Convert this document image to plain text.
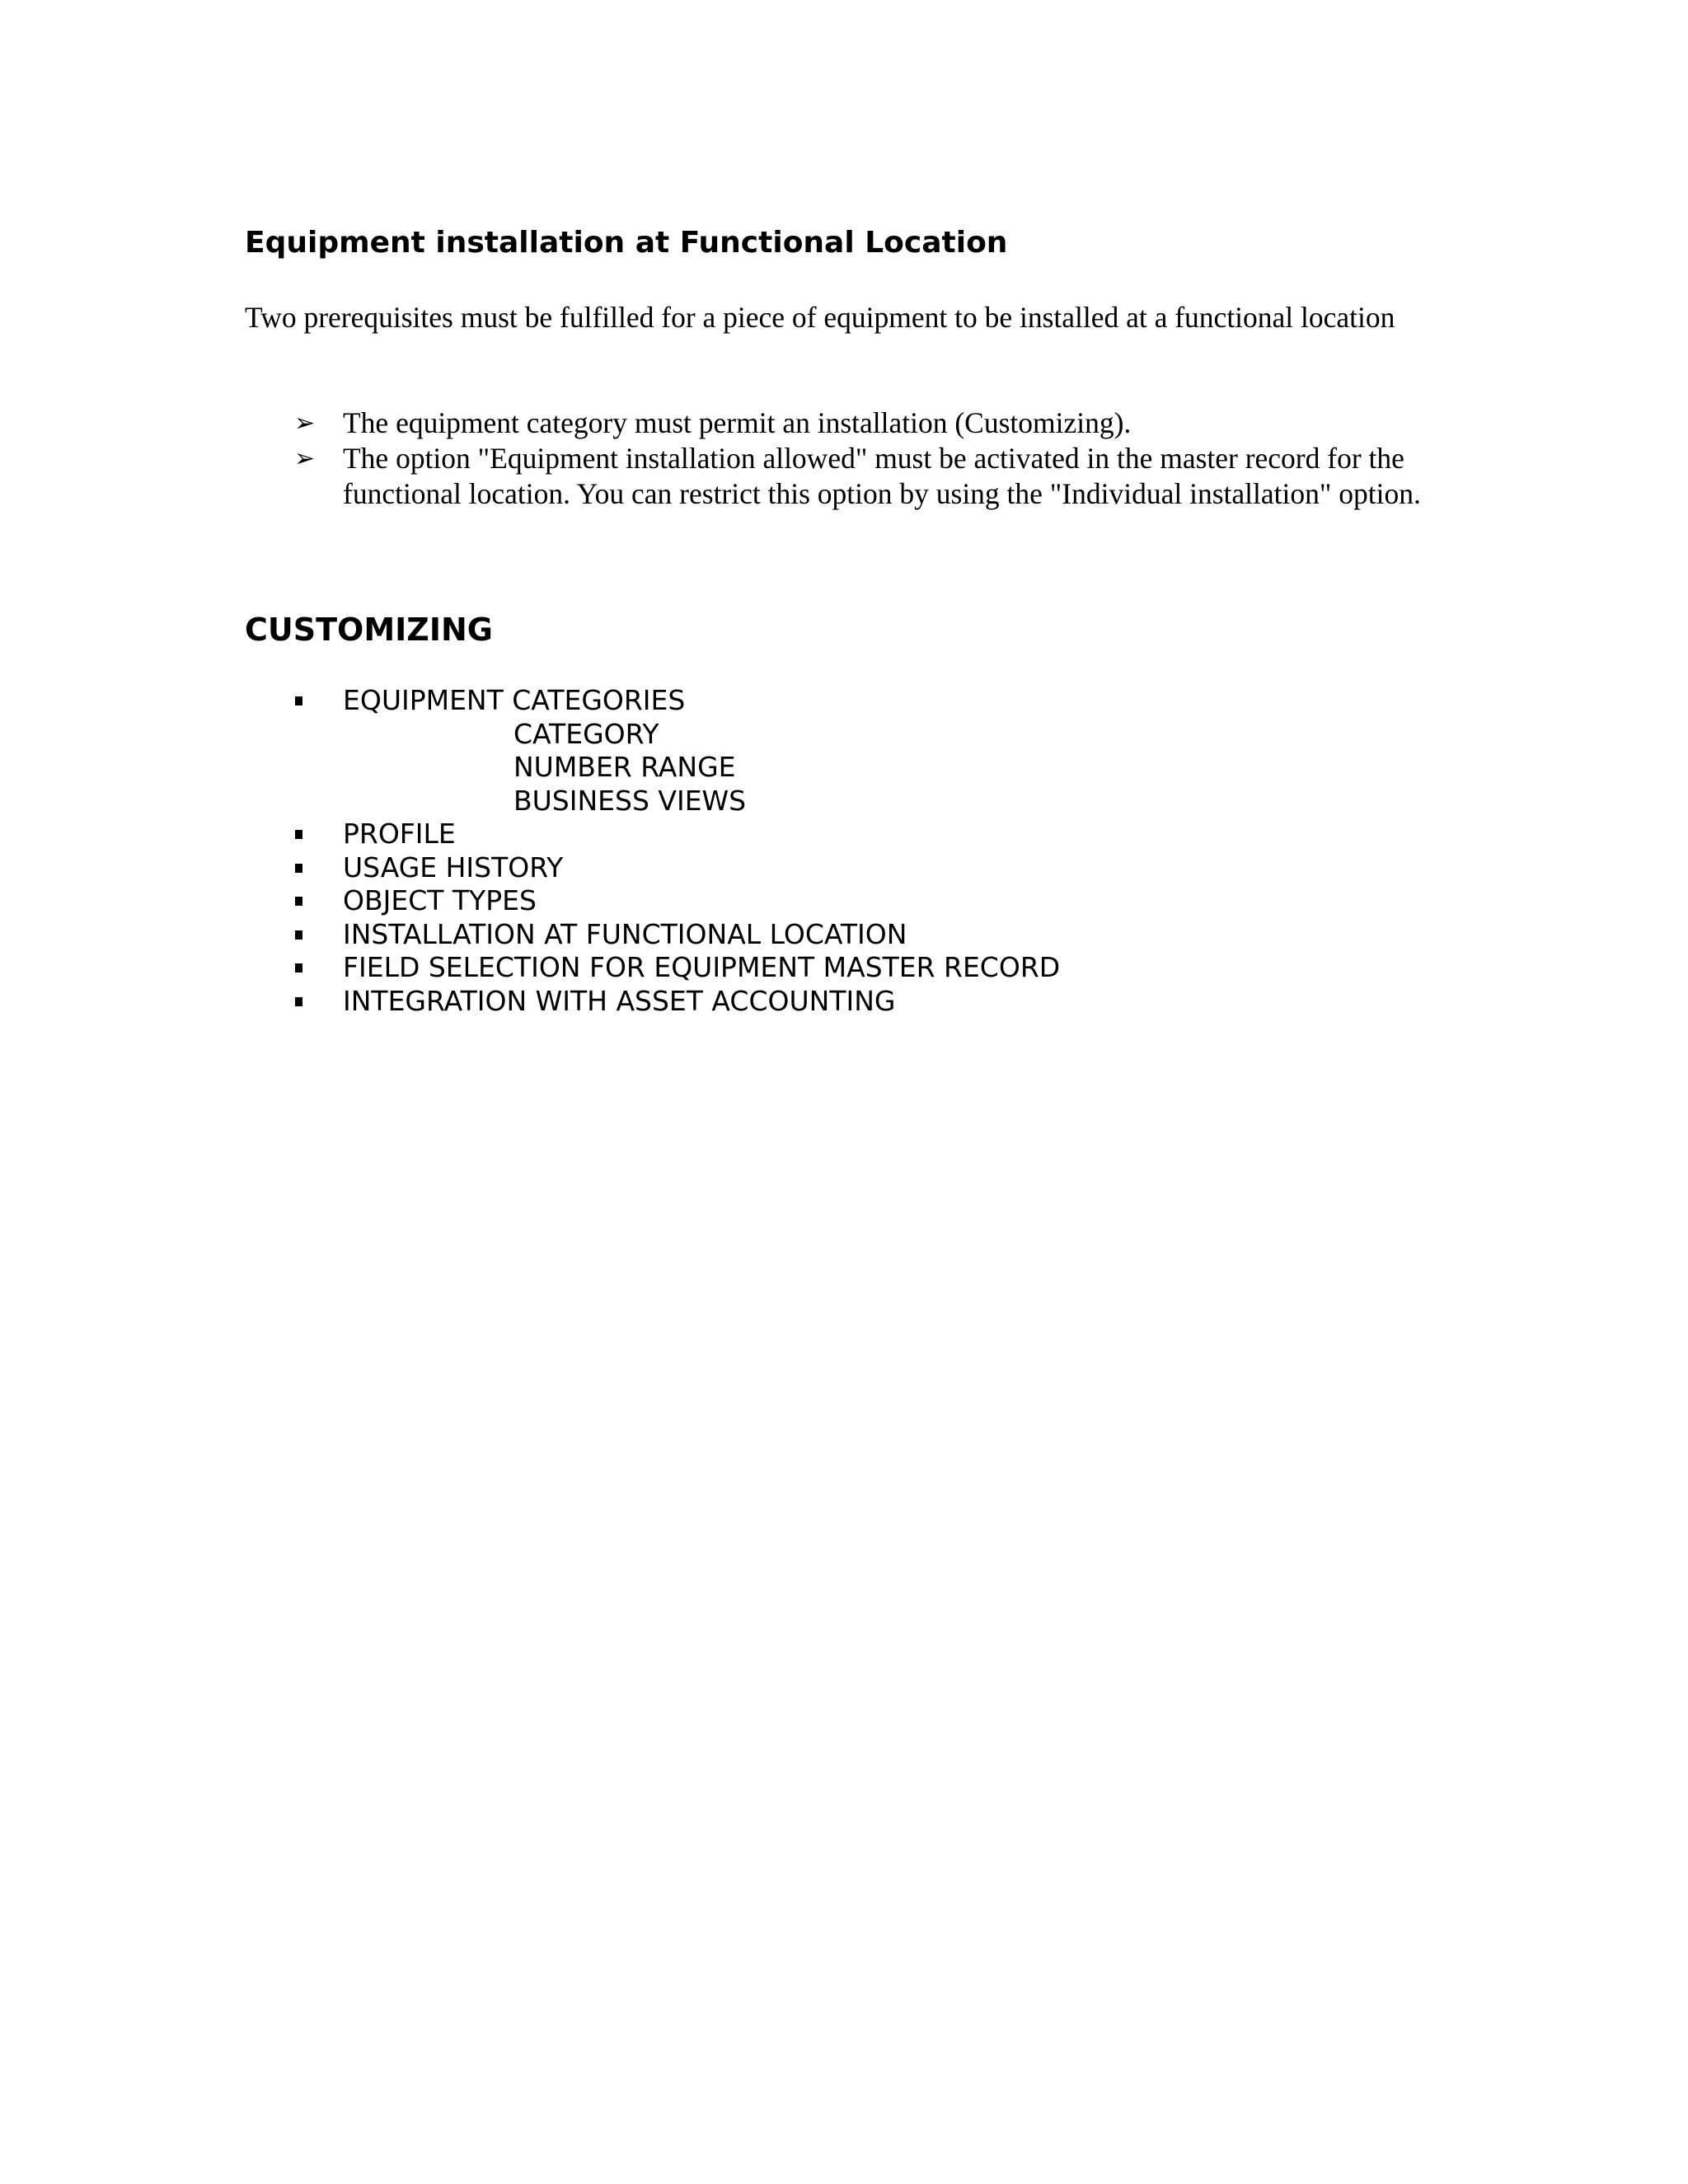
Equipment installation at Functional Location

Two prerequisites must be fulfilled for a piece of equipment to be installed at a functional location

➢ The equipment category must permit an installation (Customizing).
➢ The option "Equipment installation allowed" must be activated in the master record for the functional location. You can restrict this option by using the "Individual installation" option.
CUSTOMIZING
EQUIPMENT CATEGORIES
CATEGORY
NUMBER RANGE
BUSINESS VIEWS
PROFILE
USAGE HISTORY
OBJECT TYPES
INSTALLATION AT FUNCTIONAL LOCATION
FIELD SELECTION FOR EQUIPMENT MASTER RECORD
INTEGRATION WITH ASSET ACCOUNTING
